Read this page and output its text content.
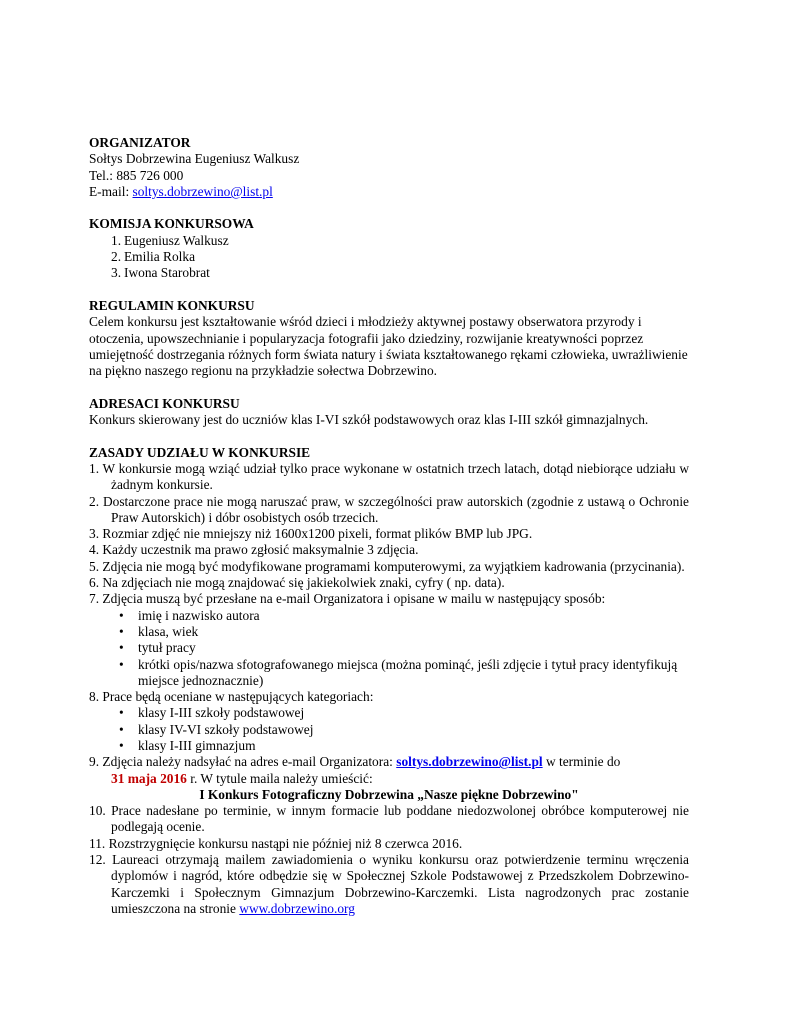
ORGANIZATOR
Sołtys Dobrzewina Eugeniusz Walkusz
Tel.: 885 726 000
E-mail: soltys.dobrzewino@list.pl
KOMISJA KONKURSOWA
1. Eugeniusz Walkusz
2. Emilia Rolka
3. Iwona Starobrat
REGULAMIN KONKURSU
Celem konkursu jest kształtowanie wśród dzieci i młodzieży aktywnej postawy obserwatora przyrody i otoczenia, upowszechnianie i popularyzacja fotografii jako dziedziny, rozwijanie kreatywności poprzez umiejętność dostrzegania różnych form świata natury i świata kształtowanego rękami człowieka, uwrażliwienie na piękno naszego regionu na przykładzie sołectwa Dobrzewino.
ADRESACI KONKURSU
Konkurs skierowany jest do uczniów klas I-VI szkół podstawowych oraz klas I-III szkół gimnazjalnych.
ZASADY UDZIAŁU W KONKURSIE
1. W konkursie mogą wziąć udział tylko prace wykonane w ostatnich trzech latach, dotąd niebiorące udziału w żadnym konkursie.
2. Dostarczone prace nie mogą naruszać praw, w szczególności praw autorskich (zgodnie z ustawą o Ochronie Praw Autorskich) i dóbr osobistych osób trzecich.
3. Rozmiar zdjęć nie mniejszy niż 1600x1200 pixeli, format plików BMP lub JPG.
4. Każdy uczestnik ma prawo zgłosić maksymalnie 3 zdjęcia.
5. Zdjęcia nie mogą być modyfikowane programami komputerowymi, za wyjątkiem kadrowania (przycinania).
6. Na zdjęciach nie mogą znajdować się jakiekolwiek znaki, cyfry ( np. data).
7. Zdjęcia muszą być przesłane na e-mail Organizatora i opisane w mailu w następujący sposób:
• imię i nazwisko autora
• klasa, wiek
• tytuł pracy
• krótki opis/nazwa sfotografowanego miejsca (można pominąć, jeśli zdjęcie i tytuł pracy identyfikują miejsce jednoznacznie)
8. Prace będą oceniane w następujących kategoriach:
• klasy I-III szkoły podstawowej
• klasy IV-VI szkoły podstawowej
• klasy I-III gimnazjum
9. Zdjęcia należy nadsyłać na adres e-mail Organizatora: soltys.dobrzewino@list.pl w terminie do
31 maja 2016 r. W tytule maila należy umieścić:
I Konkurs Fotograficzny Dobrzewina „Nasze piękne Dobrzewino"
10. Prace nadesłane po terminie, w innym formacie lub poddane niedozwolonej obróbce komputerowej nie podlegają ocenie.
11. Rozstrzygnięcie konkursu nastąpi nie później niż 8 czerwca 2016.
12. Laureaci otrzymają mailem zawiadomienia o wyniku konkursu oraz potwierdzenie terminu wręczenia dyplomów i nagród, które odbędzie się w Społecznej Szkole Podstawowej z Przedszkolem Dobrzewino-Karczemki i Społecznym Gimnazjum Dobrzewino-Karczemki. Lista nagrodzonych prac zostanie umieszczona na stronie www.dobrzewino.org
